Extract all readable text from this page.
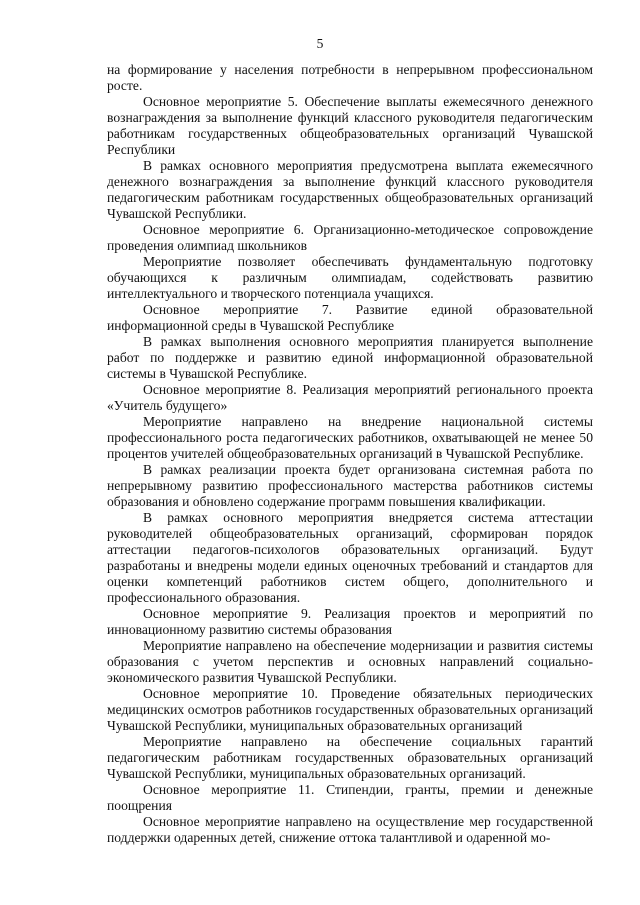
5

на формирование у населения потребности в непрерывном профессиональном росте.

Основное мероприятие 5. Обеспечение выплаты ежемесячного денежного вознаграждения за выполнение функций классного руководителя педагогическим работникам государственных общеобразовательных организаций Чувашской Республики

В рамках основного мероприятия предусмотрена выплата ежемесячного денежного вознаграждения за выполнение функций классного руководителя педагогическим работникам государственных общеобразовательных организаций Чувашской Республики.

Основное мероприятие 6. Организационно-методическое сопровождение проведения олимпиад школьников

Мероприятие позволяет обеспечивать фундаментальную подготовку обучающихся к различным олимпиадам, содействовать развитию интеллектуального и творческого потенциала учащихся.

Основное мероприятие 7. Развитие единой образовательной информационной среды в Чувашской Республике

В рамках выполнения основного мероприятия планируется выполнение работ по поддержке и развитию единой информационной образовательной системы в Чувашской Республике.

Основное мероприятие 8. Реализация мероприятий регионального проекта «Учитель будущего»

Мероприятие направлено на внедрение национальной системы профессионального роста педагогических работников, охватывающей не менее 50 процентов учителей общеобразовательных организаций в Чувашской Республике.

В рамках реализации проекта будет организована системная работа по непрерывному развитию профессионального мастерства работников системы образования и обновлено содержание программ повышения квалификации.

В рамках основного мероприятия внедряется система аттестации руководителей общеобразовательных организаций, сформирован порядок аттестации педагогов-психологов образовательных организаций. Будут разработаны и внедрены модели единых оценочных требований и стандартов для оценки компетенций работников систем общего, дополнительного и профессионального образования.

Основное мероприятие 9. Реализация проектов и мероприятий по инновационному развитию системы образования

Мероприятие направлено на обеспечение модернизации и развития системы образования с учетом перспектив и основных направлений социально-экономического развития Чувашской Республики.

Основное мероприятие 10. Проведение обязательных периодических медицинских осмотров работников государственных образовательных организаций Чувашской Республики, муниципальных образовательных организаций

Мероприятие направлено на обеспечение социальных гарантий педагогическим работникам государственных образовательных организаций Чувашской Республики, муниципальных образовательных организаций.

Основное мероприятие 11. Стипендии, гранты, премии и денежные поощрения

Основное мероприятие направлено на осуществление мер государственной поддержки одаренных детей, снижение оттока талантливой и одаренной мо-
